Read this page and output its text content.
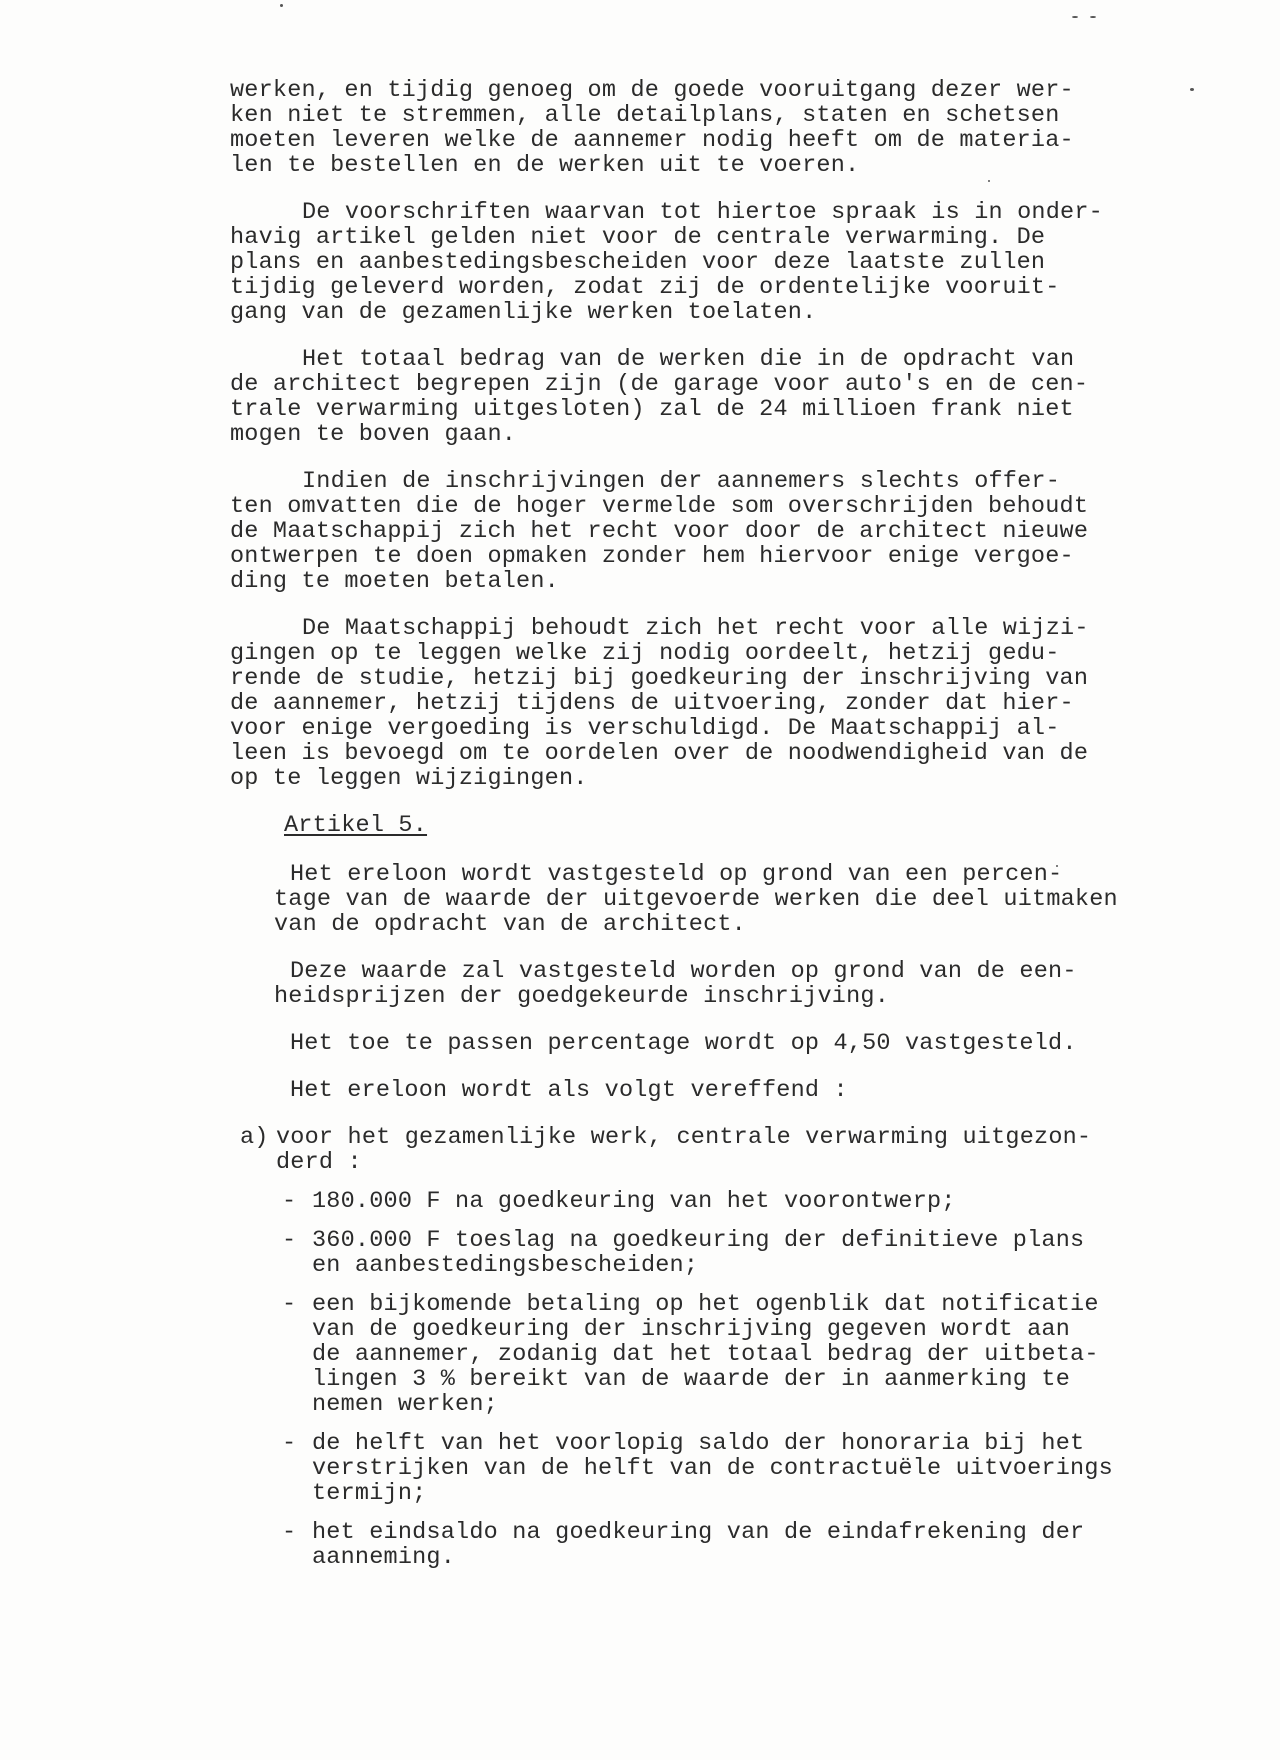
werken, en tijdig genoeg om de goede vooruitgang dezer wer-
ken niet te stremmen, alle detailplans, staten en schetsen
moeten leveren welke de aannemer nodig heeft om de materia-
len te bestellen en de werken uit te voeren.
De voorschriften waarvan tot hiertoe spraak is in onder-
havig artikel gelden niet voor de centrale verwarming. De
plans en aanbestedingsbescheiden voor deze laatste zullen
tijdig geleverd worden, zodat zij de ordentelijke vooruit-
gang van de gezamenlijke werken toelaten.
Het totaal bedrag van de werken die in de opdracht van
de architect begrepen zijn (de garage voor auto's en de cen-
trale verwarming uitgesloten) zal de 24 millioen frank niet
mogen te boven gaan.
Indien de inschrijvingen der aannemers slechts offer-
ten omvatten die de hoger vermelde som overschrijden behoudt
de Maatschappij zich het recht voor door de architect nieuwe
ontwerpen te doen opmaken zonder hem hiervoor enige vergoe-
ding te moeten betalen.
De Maatschappij behoudt zich het recht voor alle wijzi-
gingen op te leggen welke zij nodig oordeelt, hetzij gedu-
rende de studie, hetzij bij goedkeuring der inschrijving van
de aannemer, hetzij tijdens de uitvoering, zonder dat hier-
voor enige vergoeding is verschuldigd. De Maatschappij al-
leen is bevoegd om te oordelen over de noodwendigheid van de
op te leggen wijzigingen.
Artikel 5.
Het ereloon wordt vastgesteld op grond van een percen-
tage van de waarde der uitgevoerde werken die deel uitmaken
van de opdracht van de architect.
Deze waarde zal vastgesteld worden op grond van de een-
heidsprijzen der goedgekeurde inschrijving.
Het toe te passen percentage wordt op 4,50 vastgesteld.
Het ereloon wordt als volgt vereffend :
a) voor het gezamenlijke werk, centrale verwarming uitgezon-
derd :
- 180.000 F na goedkeuring van het voorontwerp;
- 360.000 F toeslag na goedkeuring der definitieve plans
en aanbestedingsbescheiden;
- een bijkomende betaling op het ogenblik dat notificatie
van de goedkeuring der inschrijving gegeven wordt aan
de aannemer, zodanig dat het totaal bedrag der uitbeta-
lingen 3 % bereikt van de waarde der in aanmerking te
nemen werken;
- de helft van het voorlopig saldo der honoraria bij het
verstrijken van de helft van de contractuële uitvoerings
termijn;
- het eindsaldo na goedkeuring van de eindafrekening der
aanneming.
